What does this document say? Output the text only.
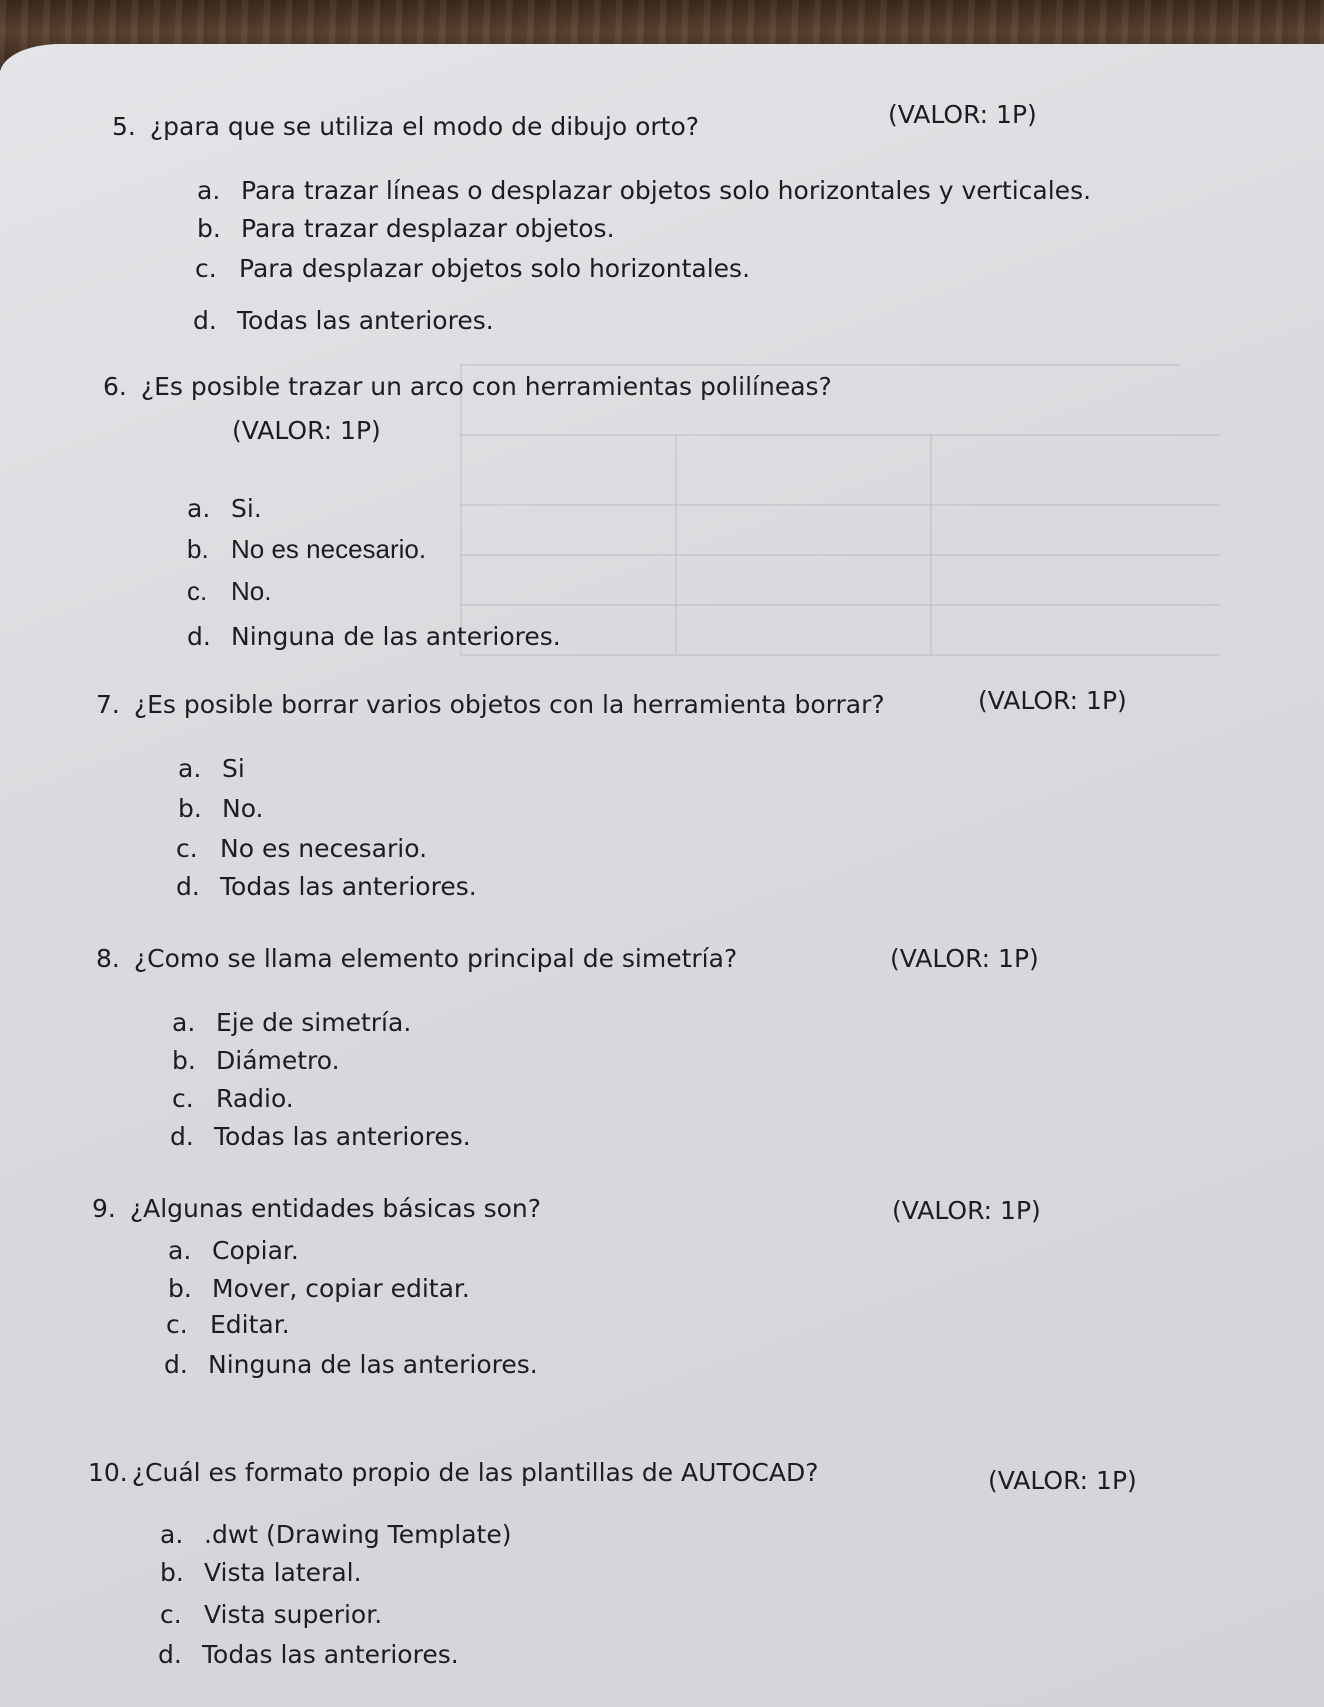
5. ¿para que se utiliza el modo de dibujo orto?	(VALOR: 1P)
a. Para trazar líneas o desplazar objetos solo horizontales y verticales.
b. Para trazar desplazar objetos.
c. Para desplazar objetos solo horizontales.
d. Todas las anteriores.
6. ¿Es posible trazar un arco con herramientas polilíneas?
(VALOR: 1P)
a. Si.
b. No es necesario.
c. No.
d. Ninguna de las anteriores.
7. ¿Es posible borrar varios objetos con la herramienta borrar?	(VALOR: 1P)
a. Si
b. No.
c. No es necesario.
d. Todas las anteriores.
8. ¿Como se llama elemento principal de simetría?	(VALOR: 1P)
a. Eje de simetría.
b. Diámetro.
c. Radio.
d. Todas las anteriores.
9. ¿Algunas entidades básicas son?	(VALOR: 1P)
a. Copiar.
b. Mover, copiar editar.
c. Editar.
d. Ninguna de las anteriores.
10. ¿Cuál es formato propio de las plantillas de AUTOCAD?	(VALOR: 1P)
a. .dwt (Drawing Template)
b. Vista lateral.
c. Vista superior.
d. Todas las anteriores.
